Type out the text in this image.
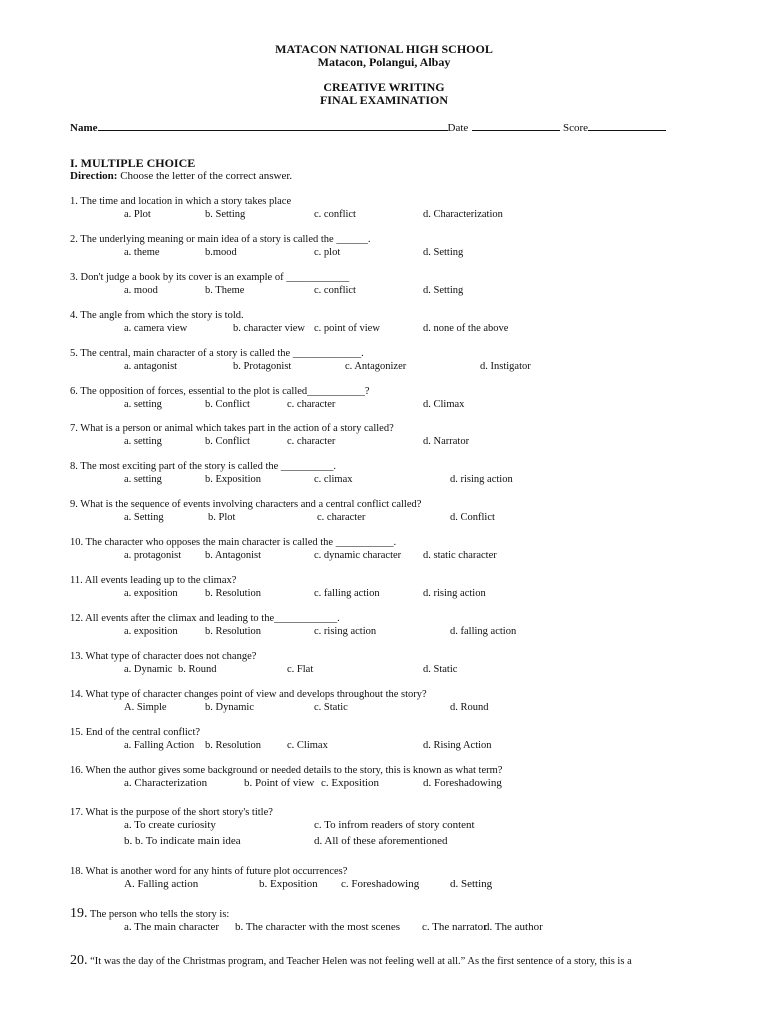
MATACON NATIONAL HIGH SCHOOL
Matacon, Polangui, Albay
CREATIVE WRITING
FINAL EXAMINATION
Name	Date	Score
I. MULTIPLE CHOICE
Direction: Choose the letter of the correct answer.
1. The time and location in which a story takes place
a. Plot	b. Setting	c. conflict	d. Characterization
2. The underlying meaning or main idea of a story is called the ______.
a. theme	b.mood	c. plot	d. Setting
3. Don't judge a book by its cover is an example of ____________
a. mood	b. Theme	c. conflict	d. Setting
4. The angle from which the story is told.
a. camera view	b. character view c. point of view	d. none of the above
5. The central, main character of a story is called the _____________.
a. antagonist	b. Protagonist	c. Antagonizer	d. Instigator
6. The opposition of forces, essential to the plot is called___________?
a. setting	b. Conflict	c. character	d. Climax
7. What is a person or animal which takes part in the action of a story called?
a. setting	b. Conflict	c. character	d. Narrator
8. The most exciting part of the story is called the __________.
a. setting	b. Exposition	c. climax	d. rising action
9. What is the sequence of events involving characters and a central conflict called?
a. Setting	b. Plot	c. character	d. Conflict
10. The character who opposes the main character is called the ___________.
a. protagonist b. Antagonist	c. dynamic character d. static character
11. All events leading up to the climax?
a. exposition	b. Resolution	c. falling action	d. rising action
12. All events after the climax and leading to the____________.
a. exposition	b. Resolution	c. rising action	d. falling action
13. What type of character does not change?
a. Dynamic b. Round	c. Flat	d. Static
14. What type of character changes point of view and develops throughout the story?
A. Simple	b. Dynamic	c. Static	d. Round
15. End of the central conflict?
a. Falling Action b. Resolution c. Climax	d. Rising Action
16. When the author gives some background or needed details to the story, this is known as what term?
a. Characterization	b. Point of view c. Exposition	d. Foreshadowing
17. What is the purpose of the short story's title?
a. To create curiosity	c. To infrom readers of story content
b. b. To indicate main idea	d. All of these aforementioned
18. What is another word for any hints of future plot occurrences?
A. Falling action	b. Exposition c. Foreshadowing	d. Setting
19. The person who tells the story is:
a. The main character b. The character with the most scenes c. The narrator
d. The author
20. “It was the day of the Christmas program, and Teacher Helen was not feeling well at all.” As the first sentence of a story, this is a
